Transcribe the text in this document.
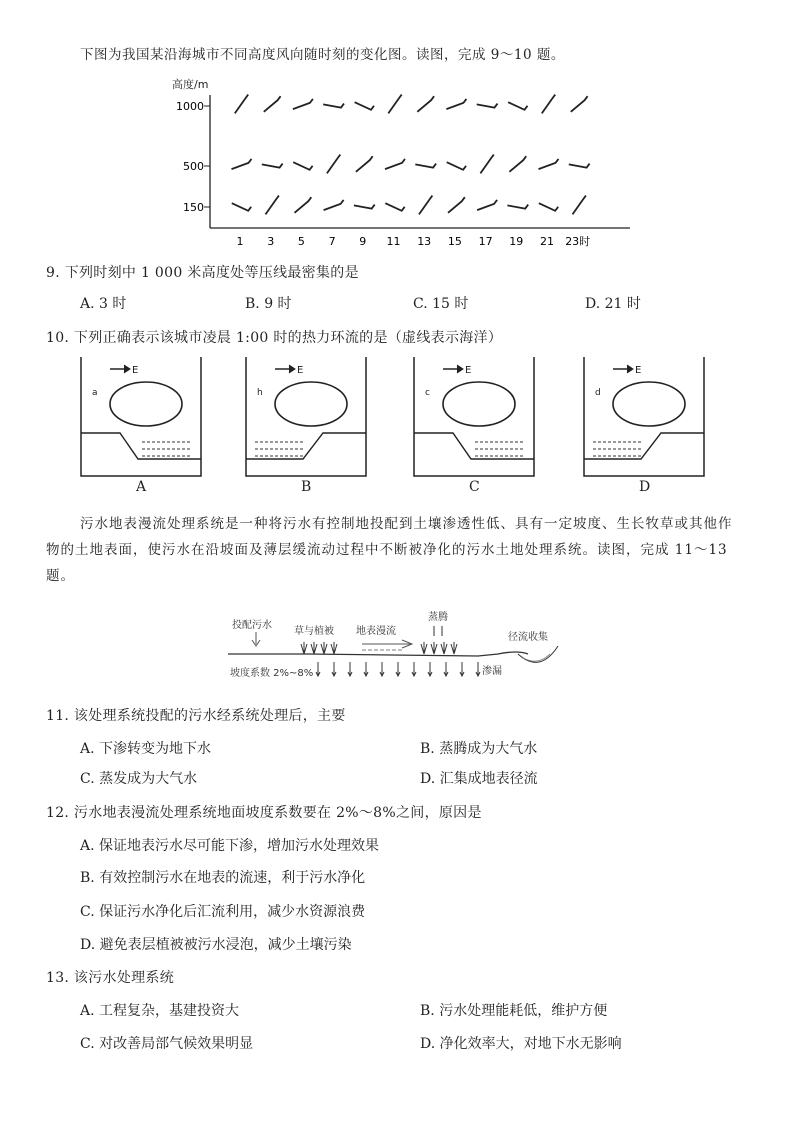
下图为我国某沿海城市不同高度风向随时刻的变化图。读图，完成 9～10 题。
高度/m
1000
500
150
1 3 5 7 9 11 13 15 17 19 21 23时
9. 下列时刻中 1 000 米高度处等压线最密集的是
A. 3 时	B. 9 时	C. 15 时	D. 21 时
10. 下列正确表示该城市凌晨 1:00 时的热力环流的是（虚线表示海洋）
E
a
A
E
h
B
E
c
C
E
d
D
污水地表漫流处理系统是一种将污水有控制地投配到土壤渗透性低、具有一定坡度、生长牧草或其他作物的土地表面，使污水在沿坡面及薄层缓流动过程中不断被净化的污水土地处理系统。读图，完成 11～13 题。
投配污水
草与植被 地表漫流
蒸腾
径流收集
坡度系数 2%~8%	渗漏
11. 该处理系统投配的污水经系统处理后，主要
A. 下渗转变为地下水	B. 蒸腾成为大气水
C. 蒸发成为大气水	D. 汇集成地表径流
12. 污水地表漫流处理系统地面坡度系数要在 2%～8%之间，原因是
A. 保证地表污水尽可能下渗，增加污水处理效果
B. 有效控制污水在地表的流速，利于污水净化
C. 保证污水净化后汇流利用，减少水资源浪费
D. 避免表层植被被污水浸泡，减少土壤污染
13. 该污水处理系统
A. 工程复杂，基建投资大	B. 污水处理能耗低，维护方便
C. 对改善局部气候效果明显	D. 净化效率大，对地下水无影响
